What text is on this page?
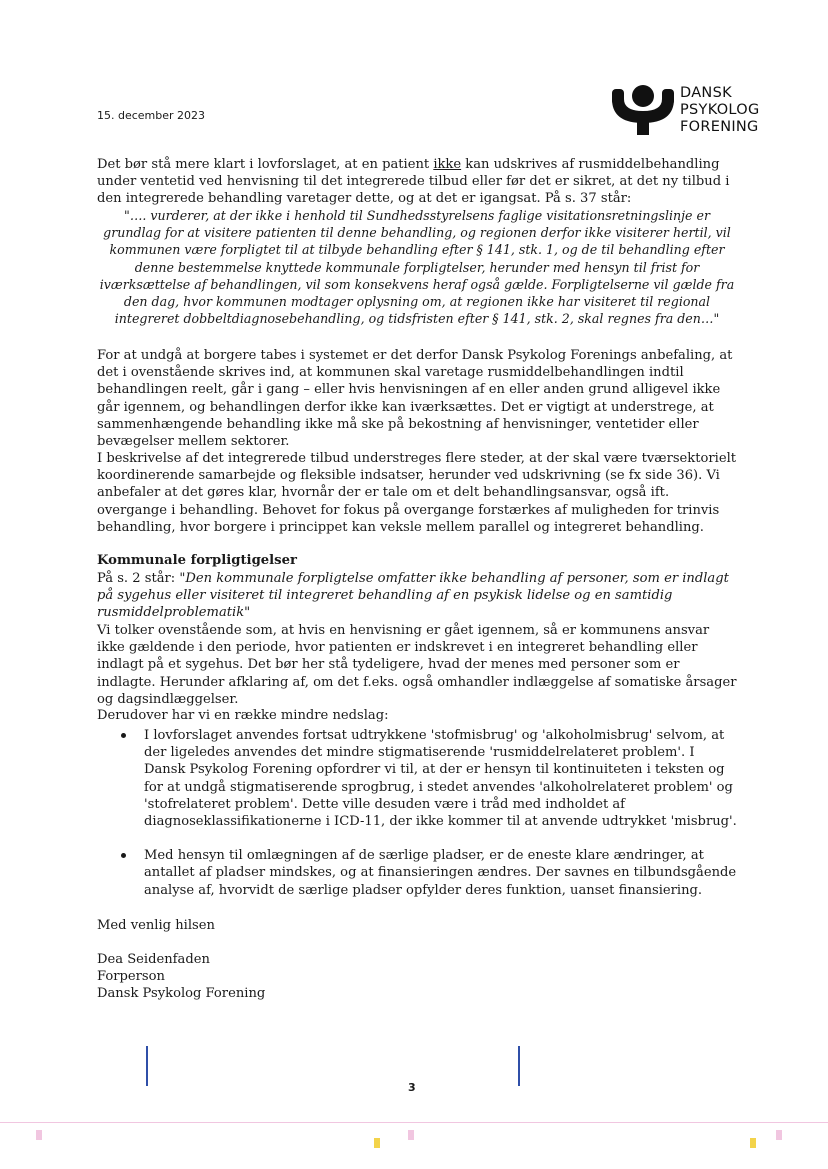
15. december 2023
DANSK
PSYKOLOG
FORENING

Det bør stå mere klart i lovforslaget, at en patient ikke kan udskrives af rusmiddelbehandling under ventetid ved henvisning til det integrerede tilbud eller før det er sikret, at det ny tilbud i den integrerede behandling varetager dette, og at det er igangsat. På s. 37 står:

"…. vurderer, at der ikke i henhold til Sundhedsstyrelsens faglige visitationsretningslinje er grundlag for at visitere patienten til denne behandling, og regionen derfor ikke visiterer hertil, vil kommunen være forpligtet til at tilbyde behandling efter § 141, stk. 1, og de til behandling efter denne bestemmelse knyttede kommunale forpligtelser, herunder med hensyn til frist for iværksættelse af behandlingen, vil som konsekvens heraf også gælde. Forpligtelserne vil gælde fra den dag, hvor kommunen modtager oplysning om, at regionen ikke har visiteret til regional integreret dobbeltdiagnosebehandling, og tidsfristen efter § 141, stk. 2, skal regnes fra den…"

For at undgå at borgere tabes i systemet er det derfor Dansk Psykolog Forenings anbefaling, at det i ovenstående skrives ind, at kommunen skal varetage rusmiddelbehandlingen indtil behandlingen reelt, går i gang – eller hvis henvisningen af en eller anden grund alligevel ikke går igennem, og behandlingen derfor ikke kan iværksættes. Det er vigtigt at understrege, at sammenhængende behandling ikke må ske på bekostning af henvisninger, ventetider eller bevægelser mellem sektorer.

I beskrivelse af det integrerede tilbud understreges flere steder, at der skal være tværsektorielt koordinerende samarbejde og fleksible indsatser, herunder ved udskrivning (se fx side 36). Vi anbefaler at det gøres klar, hvornår der er tale om et delt behandlingsansvar, også ift. overgange i behandling. Behovet for fokus på overgange forstærkes af muligheden for trinvis behandling, hvor borgere i princippet kan veksle mellem parallel og integreret behandling.

Kommunale forpligtigelser

På s. 2 står: "Den kommunale forpligtelse omfatter ikke behandling af personer, som er indlagt på sygehus eller visiteret til integreret behandling af en psykisk lidelse og en samtidig rusmiddelproblematik"

Vi tolker ovenstående som, at hvis en henvisning er gået igennem, så er kommunens ansvar ikke gældende i den periode, hvor patienten er indskrevet i en integreret behandling eller indlagt på et sygehus. Det bør her stå tydeligere, hvad der menes med personer som er indlagte. Herunder afklaring af, om det f.eks. også omhandler indlæggelse af somatiske årsager og dagsindlæggelser.

Derudover har vi en række mindre nedslag:

I lovforslaget anvendes fortsat udtrykkene 'stofmisbrug' og 'alkoholmisbrug' selvom, at der ligeledes anvendes det mindre stigmatiserende 'rusmiddelrelateret problem'. I Dansk Psykolog Forening opfordrer vi til, at der er hensyn til kontinuiteten i teksten og for at undgå stigmatiserende sprogbrug, i stedet anvendes 'alkoholrelateret problem' og 'stofrelateret problem'. Dette ville desuden være i tråd med indholdet af diagnoseklassifikationerne i ICD-11, der ikke kommer til at anvende udtrykket 'misbrug'.
Med hensyn til omlægningen af de særlige pladser, er de eneste klare ændringer, at antallet af pladser mindskes, og at finansieringen ændres. Der savnes en tilbundsgående analyse af, hvorvidt de særlige pladser opfylder deres funktion, uanset finansiering.

Med venlig hilsen

Dea Seidenfaden

Forperson

Dansk Psykolog Forening

3
